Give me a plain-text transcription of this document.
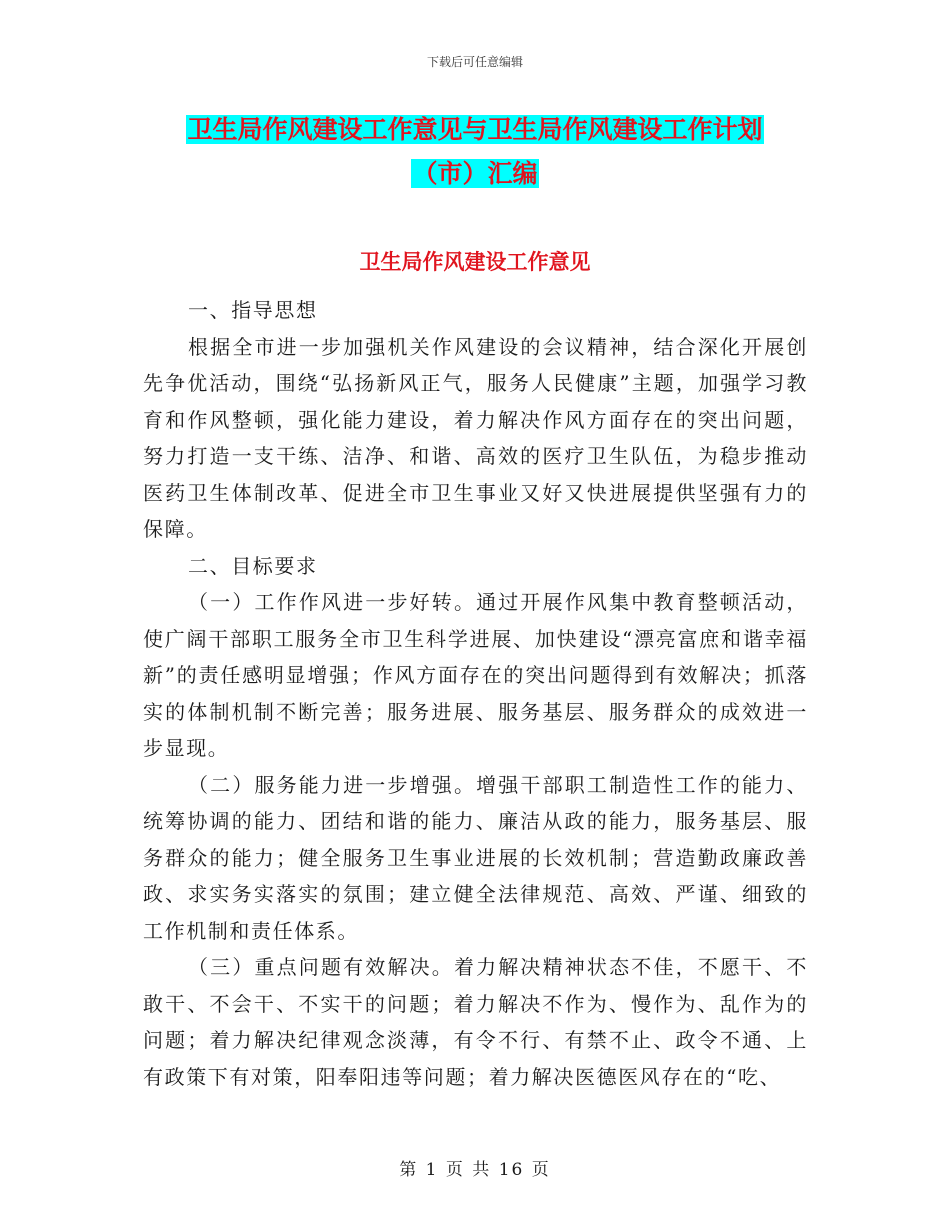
下载后可任意编辑
卫生局作风建设工作意见与卫生局作风建设工作计划
（市）汇编
卫生局作风建设工作意见

一、指导思想

根据全市进一步加强机关作风建设的会议精神，结合深化开展创先争优活动，围绕“弘扬新风正气，服务人民健康”主题，加强学习教育和作风整顿，强化能力建设，着力解决作风方面存在的突出问题，努力打造一支干练、洁净、和谐、高效的医疗卫生队伍，为稳步推动医药卫生体制改革、促进全市卫生事业又好又快进展提供坚强有力的保障。

二、目标要求

（一）工作作风进一步好转。通过开展作风集中教育整顿活动，使广阔干部职工服务全市卫生科学进展、加快建设“漂亮富庶和谐幸福新”的责任感明显增强；作风方面存在的突出问题得到有效解决；抓落实的体制机制不断完善；服务进展、服务基层、服务群众的成效进一步显现。

（二）服务能力进一步增强。增强干部职工制造性工作的能力、统筹协调的能力、团结和谐的能力、廉洁从政的能力，服务基层、服务群众的能力；健全服务卫生事业进展的长效机制；营造勤政廉政善政、求实务实落实的氛围；建立健全法律规范、高效、严谨、细致的工作机制和责任体系。

（三）重点问题有效解决。着力解决精神状态不佳，不愿干、不敢干、不会干、不实干的问题；着力解决不作为、慢作为、乱作为的问题；着力解决纪律观念淡薄，有令不行、有禁不止、政令不通、上有政策下有对策，阳奉阳违等问题；着力解决医德医风存在的“吃、

第 1 页 共 16 页
